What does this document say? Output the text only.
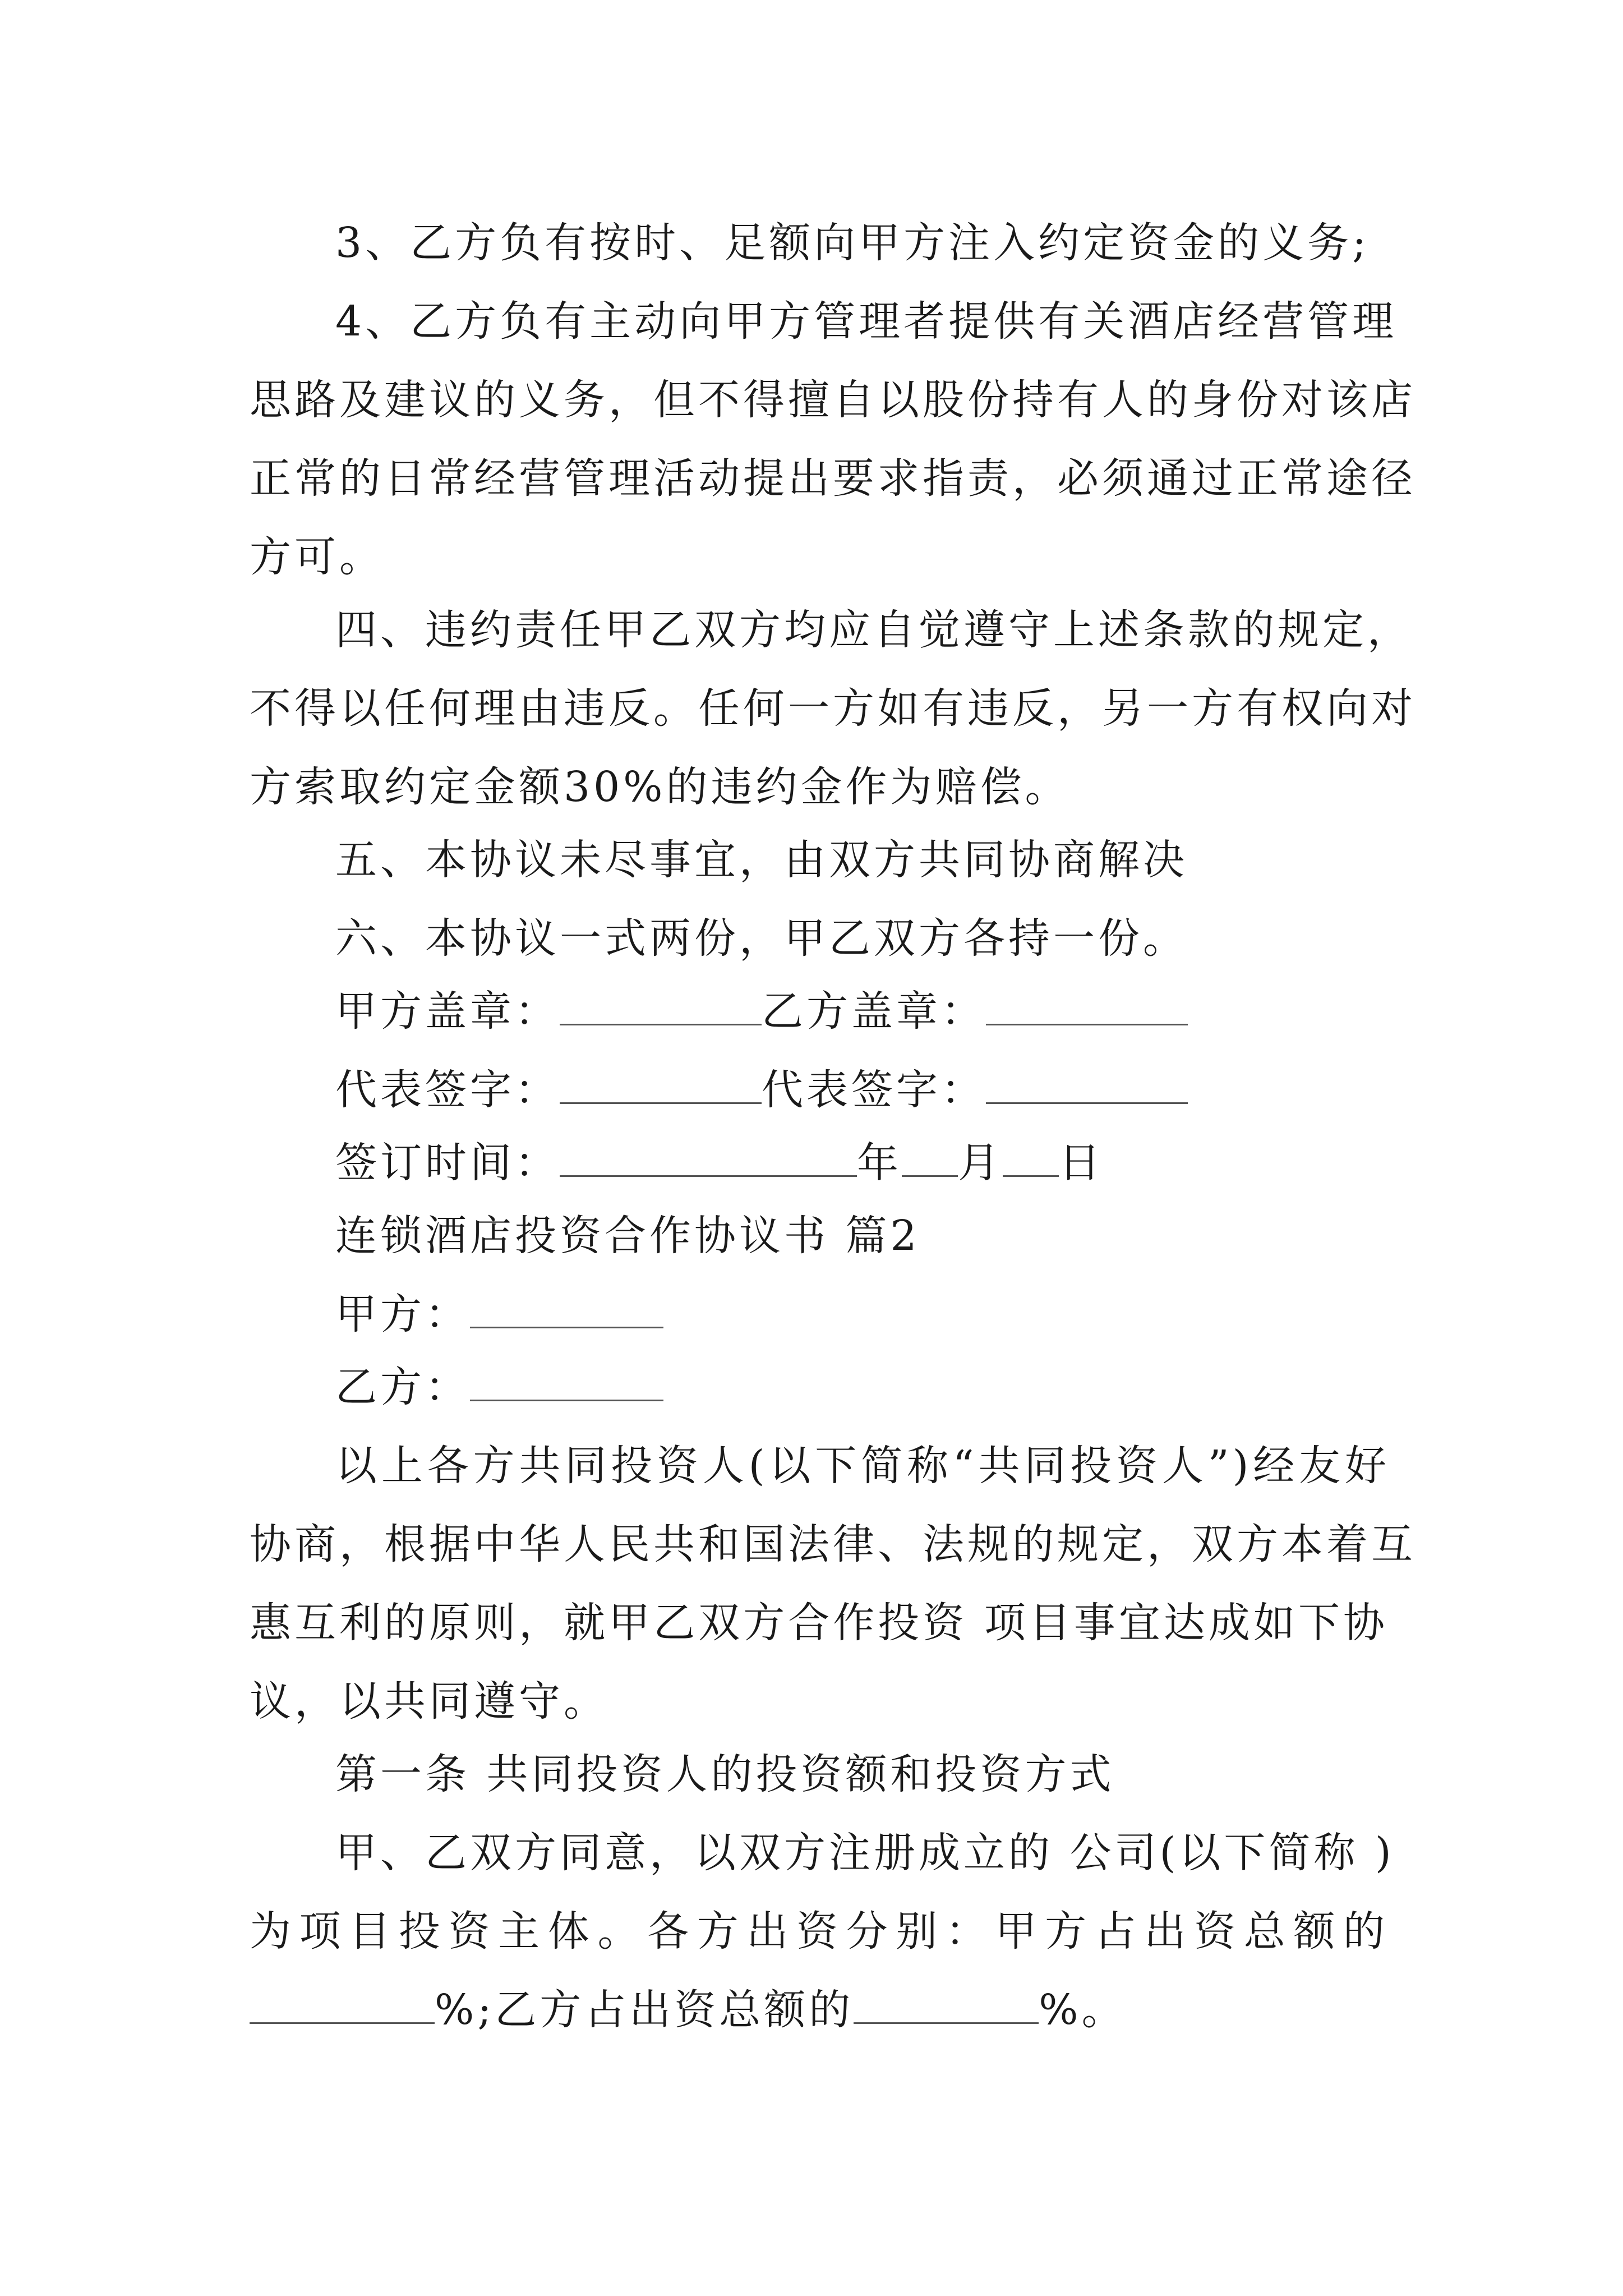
3、乙方负有按时、足额向甲方注入约定资金的义务;
4、乙方负有主动向甲方管理者提供有关酒店经营管理
思路及建议的义务，但不得擅自以股份持有人的身份对该店
正常的日常经营管理活动提出要求指责，必须通过正常途径
方可。
四、违约责任甲乙双方均应自觉遵守上述条款的规定，
不得以任何理由违反。任何一方如有违反，另一方有权向对
方索取约定金额30%的违约金作为赔偿。
五、本协议未尽事宜，由双方共同协商解决
六、本协议一式两份，甲乙双方各持一份。
甲方盖章：	乙方盖章：
代表签字：	代表签字：
签订时间：	年 月 日
连锁酒店投资合作协议书 篇2
甲方：
乙方：
以上各方共同投资人(以下简称“共同投资人”)经友好
协商，根据中华人民共和国法律、法规的规定，双方本着互
惠互利的原则，就甲乙双方合作投资 项目事宜达成如下协
议，以共同遵守。
第一条 共同投资人的投资额和投资方式
甲、乙双方同意，以双方注册成立的 公司(以下简称 )
为项目投资主体。各方出资分别：甲方占出资总额的
%;乙方占出资总额的	%。
